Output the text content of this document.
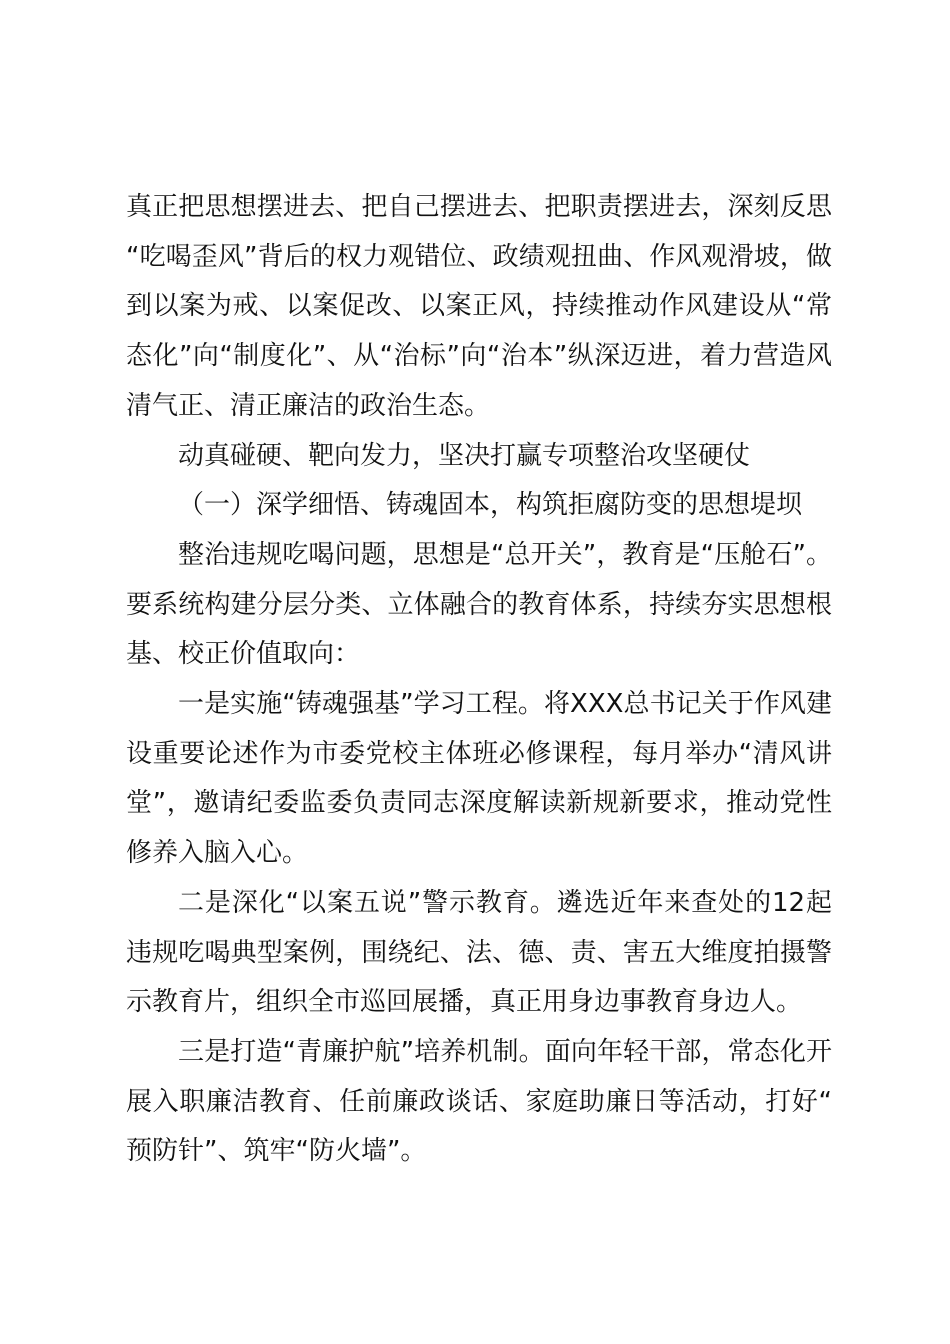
真正把思想摆进去、把自己摆进去、把职责摆进去，深刻反思“吃喝歪风”背后的权力观错位、政绩观扭曲、作风观滑坡，做到以案为戒、以案促改、以案正风，持续推动作风建设从“常态化”向“制度化”、从“治标”向“治本”纵深迈进，着力营造风清气正、清正廉洁的政治生态。

动真碰硬、靶向发力，坚决打赢专项整治攻坚硬仗

（一）深学细悟、铸魂固本，构筑拒腐防变的思想堤坝

整治违规吃喝问题，思想是“总开关”，教育是“压舱石”。要系统构建分层分类、立体融合的教育体系，持续夯实思想根基、校正价值取向：

一是实施“铸魂强基”学习工程。将XXX总书记关于作风建设重要论述作为市委党校主体班必修课程，每月举办“清风讲堂”，邀请纪委监委负责同志深度解读新规新要求，推动党性修养入脑入心。

二是深化“以案五说”警示教育。遴选近年来查处的12起违规吃喝典型案例，围绕纪、法、德、责、害五大维度拍摄警示教育片，组织全市巡回展播，真正用身边事教育身边人。

三是打造“青廉护航”培养机制。面向年轻干部，常态化开展入职廉洁教育、任前廉政谈话、家庭助廉日等活动，打好“预防针”、筑牢“防火墙”。
